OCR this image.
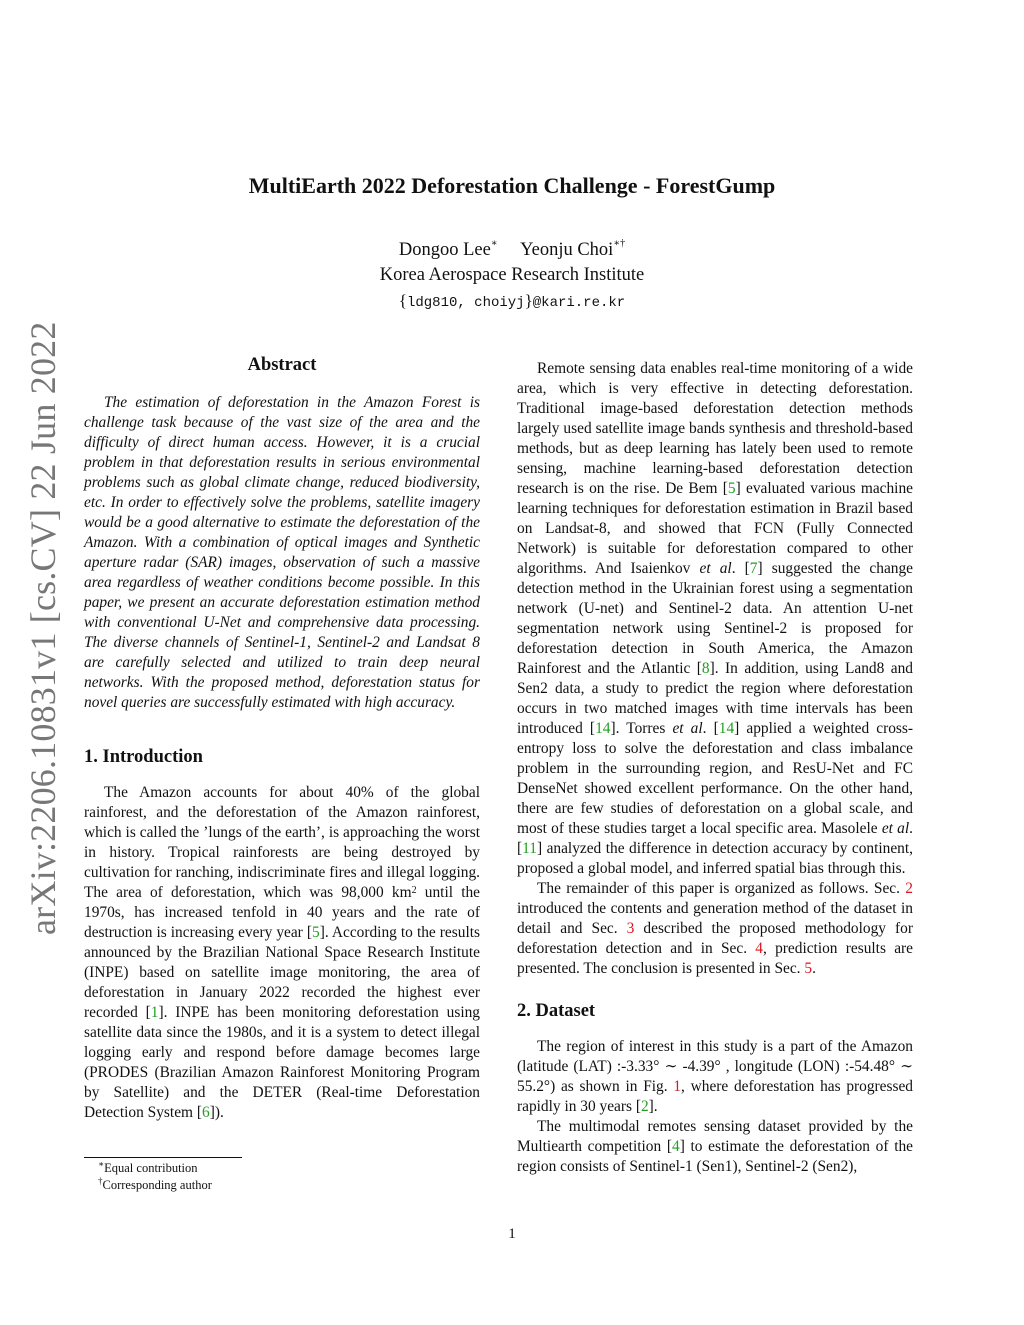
MultiEarth 2022 Deforestation Challenge - ForestGump
Dongoo Lee∗ Yeonju Choi∗†
Korea Aerospace Research Institute
{ldg810, choiyj}@kari.re.kr
arXiv:2206.10831v1 [cs.CV] 22 Jun 2022	Abstract

The estimation of deforestation in the Amazon Forest is challenge task because of the vast size of the area and the difficulty of direct human access. However, it is a crucial problem in that deforestation results in serious environmental problems such as global climate change, reduced biodiversity, etc. In order to effectively solve the problems, satellite imagery would be a good alternative to estimate the deforestation of the Amazon. With a combination of optical images and Synthetic aperture radar (SAR) images, observation of such a massive area regardless of weather conditions become possible. In this paper, we present an accurate deforestation estimation method with conventional U-Net and comprehensive data processing. The diverse channels of Sentinel-1, Sentinel-2 and Landsat 8 are carefully selected and utilized to train deep neural networks. With the proposed method, deforestation status for novel queries are successfully estimated with high accuracy.

1. Introduction

The Amazon accounts for about 40% of the global rainforest, and the deforestation of the Amazon rainforest, which is called the ’lungs of the earth’, is approaching the worst in history. Tropical rainforests are being destroyed by cultivation for ranching, indiscriminate fires and illegal logging. The area of deforestation, which was 98,000 $km^2$ until the 1970s, has increased tenfold in 40 years and the rate of destruction is increasing every year [5]. According to the results announced by the Brazilian National Space Research Institute (INPE) based on satellite image monitoring, the area of deforestation in January 2022 recorded the highest ever recorded [1]. INPE has been monitoring deforestation using satellite data since the 1980s, and it is a system to detect illegal logging early and respond before damage becomes large (PRODES (Brazilian Amazon Rainforest Monitoring Program by Satellite) and the DETER (Real-time Deforestation Detection System [6]).

Remote sensing data enables real-time monitoring of a wide area, which is very effective in detecting deforestation. Traditional image-based deforestation detection methods largely used satellite image bands synthesis and threshold-based methods, but as deep learning has lately been used to remote sensing, machine learning-based deforestation detection research is on the rise. De Bem [5] evaluated various machine learning techniques for deforestation estimation in Brazil based on Landsat-8, and showed that FCN (Fully Connected Network) is suitable for deforestation compared to other algorithms. And Isaienkov et al. [7] suggested the change detection method in the Ukrainian forest using a segmentation network (U-net) and Sentinel-2 data. An attention U-net segmentation network using Sentinel-2 is proposed for deforestation detection in South America, the Amazon Rainforest and the Atlantic [8]. In addition, using Land8 and Sen2 data, a study to predict the region where deforestation occurs in two matched images with time intervals has been introduced [14]. Torres et al. [14] applied a weighted cross-entropy loss to solve the deforestation and class imbalance problem in the surrounding region, and ResU-Net and FC DenseNet showed excellent performance. On the other hand, there are few studies of deforestation on a global scale, and most of these studies target a local specific area. Masolele et al. [11] analyzed the difference in detection accuracy by continent, proposed a global model, and inferred spatial bias through this.

The remainder of this paper is organized as follows. Sec. 2 introduced the contents and generation method of the dataset in detail and Sec. 3 described the proposed methodology for deforestation detection and in Sec. 4, prediction results are presented. The conclusion is presented in Sec. 5.

2. Dataset

The region of interest in this study is a part of the Amazon (latitude (LAT) :-3.33° ∼ -4.39° , longitude (LON) :-54.48° ∼ 55.2°) as shown in Fig. 1, where deforestation has progressed rapidly in 30 years [2].

The multimodal remotes sensing dataset provided by the Multiearth competition [4] to estimate the deforestation of the region consists of Sentinel-1 (Sen1), Sentinel-2 (Sen2),

∗Equal contribution
†Corresponding author
1
